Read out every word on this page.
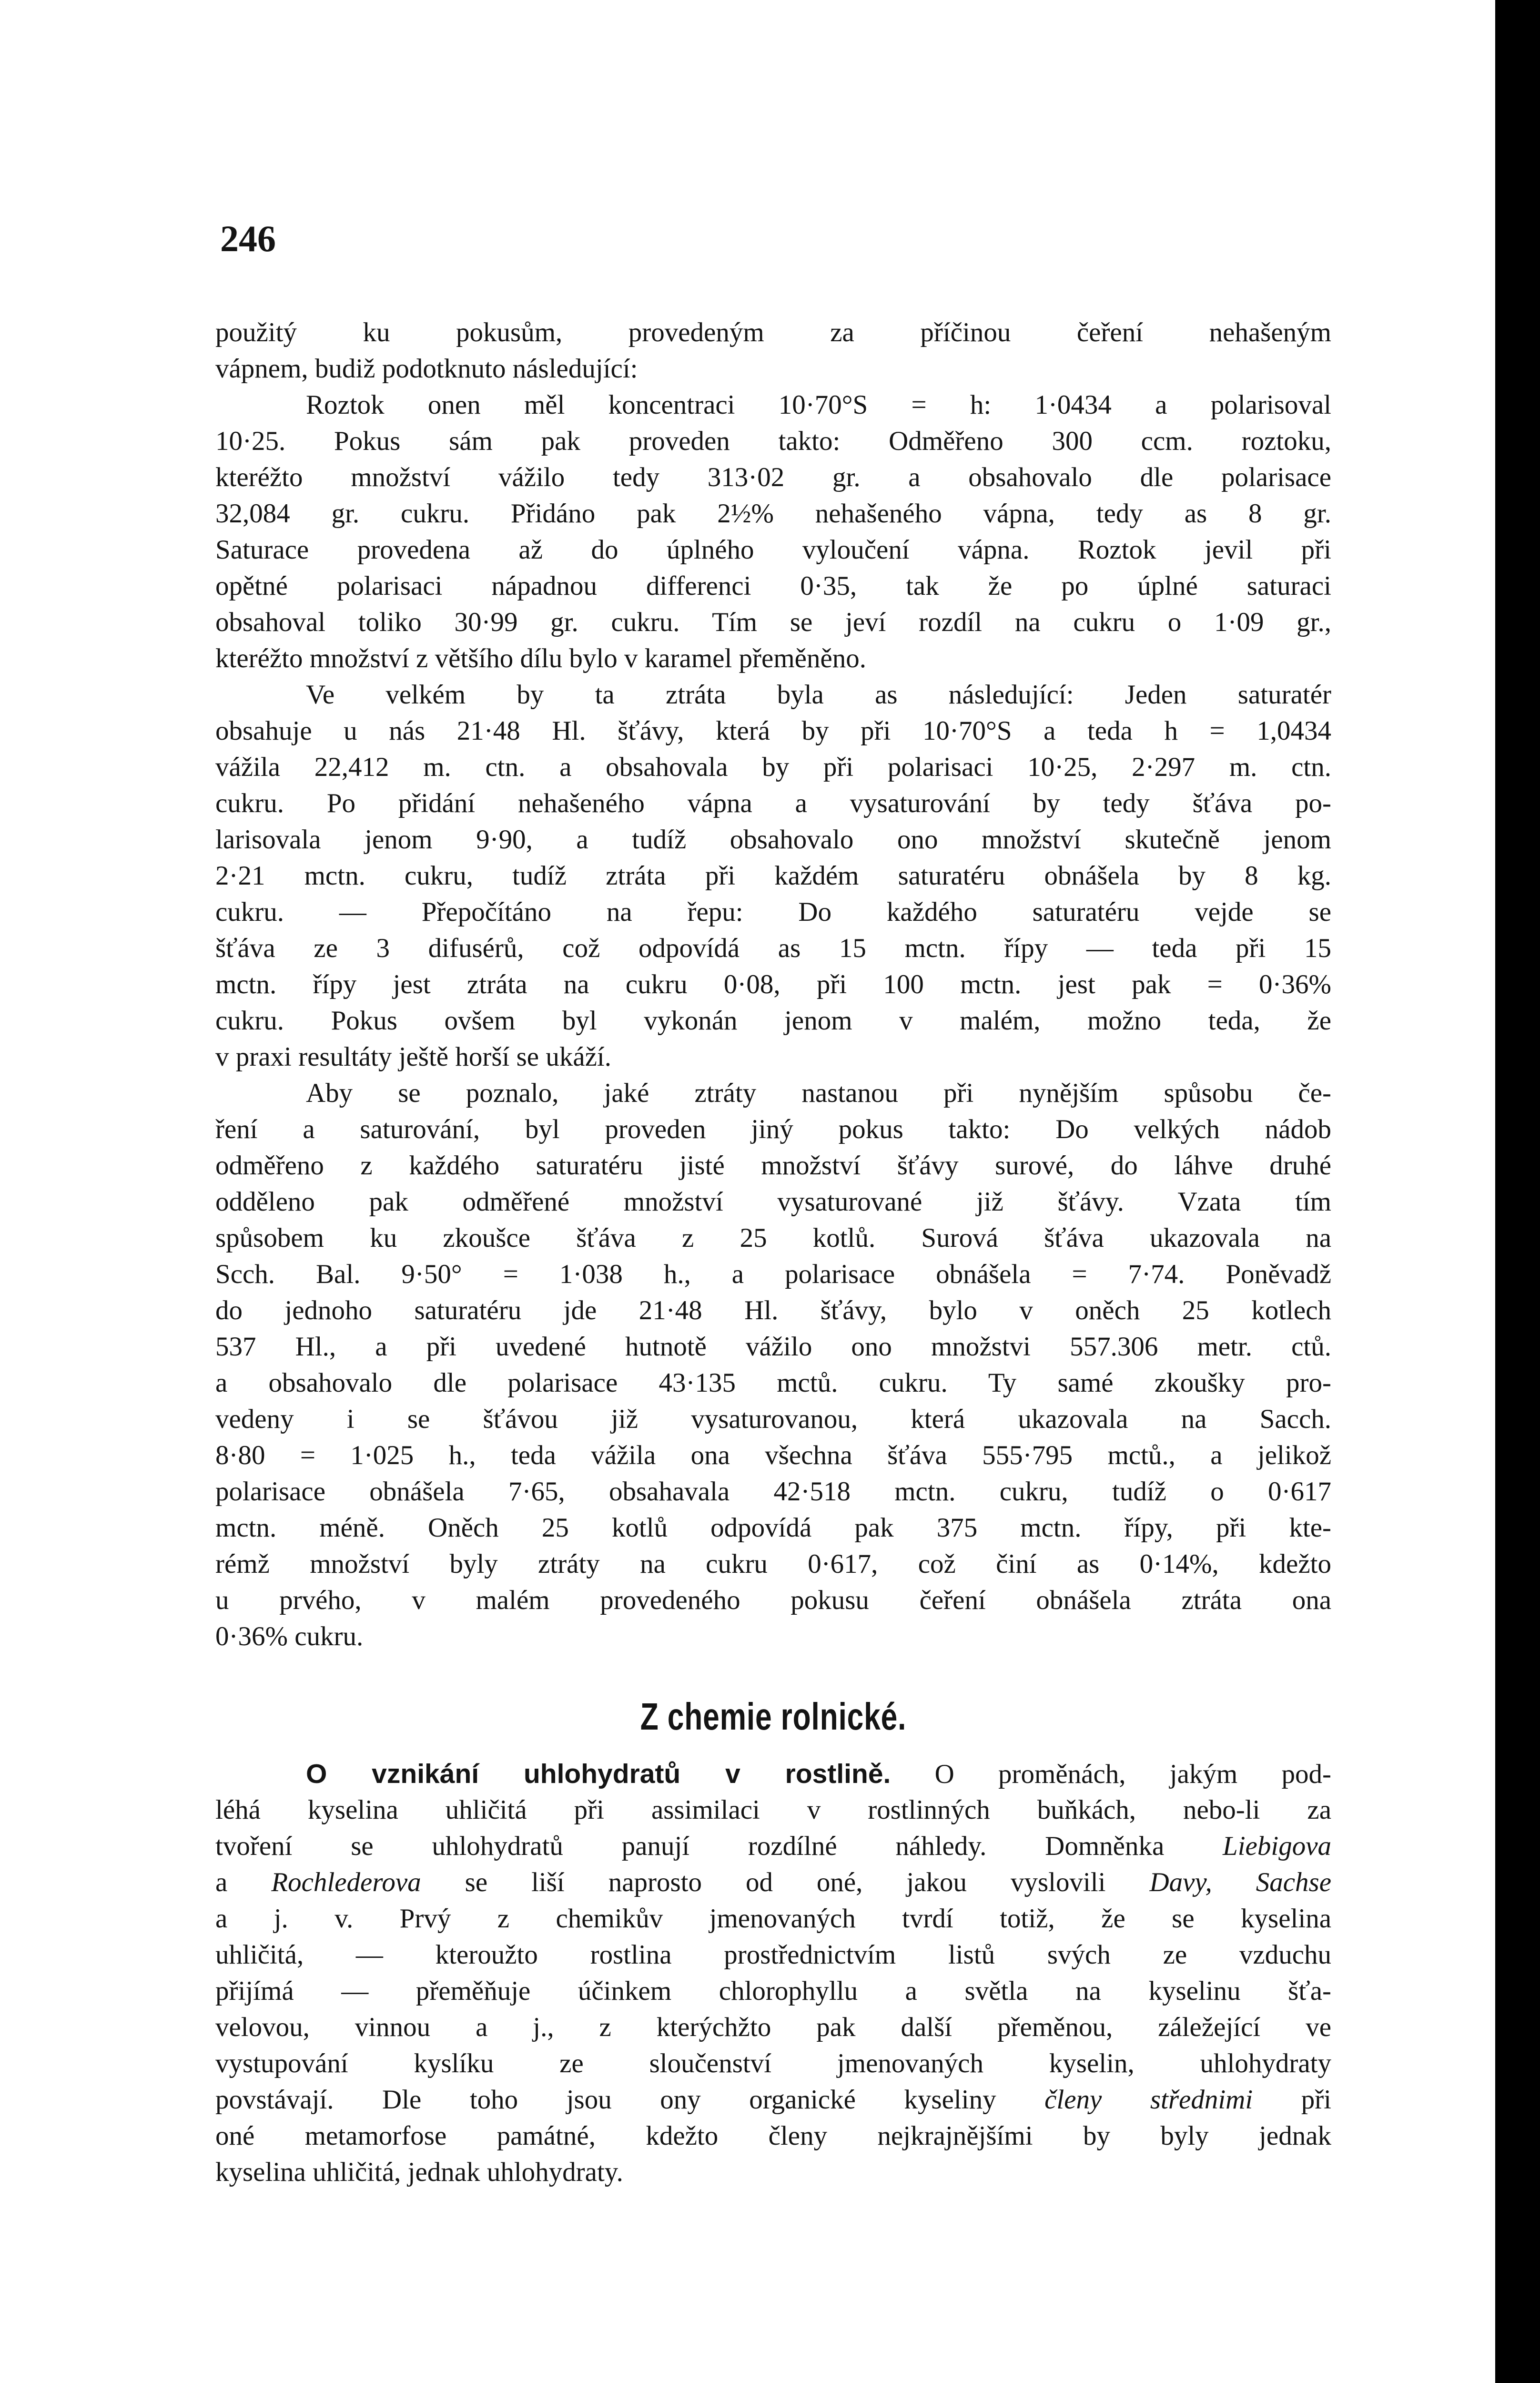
246
použitý ku pokusům, provedeným za příčinou čeření nehašeným
vápnem, budiž podotknuto následující:
Roztok onen měl koncentraci 10·70°S = h: 1·0434 a polarisoval
10·25. Pokus sám pak proveden takto: Odměřeno 300 ccm. roztoku,
kteréžto množství vážilo tedy 313·02 gr. a obsahovalo dle polarisace
32,084 gr. cukru. Přidáno pak 2½% nehašeného vápna, tedy as 8 gr.
Saturace provedena až do úplného vyloučení vápna. Roztok jevil při
opětné polarisaci nápadnou differenci 0·35, tak že po úplné saturaci
obsahoval toliko 30·99 gr. cukru. Tím se jeví rozdíl na cukru o 1·09 gr.,
kteréžto množství z většího dílu bylo v karamel přeměněno.
Ve velkém by ta ztráta byla as následující: Jeden saturatér
obsahuje u nás 21·48 Hl. šťávy, která by při 10·70°S a teda h = 1,0434
vážila 22,412 m. ctn. a obsahovala by při polarisaci 10·25, 2·297 m. ctn.
cukru. Po přidání nehašeného vápna a vysaturování by tedy šťáva po-
larisovala jenom 9·90, a tudíž obsahovalo ono množství skutečně jenom
2·21 mctn. cukru, tudíž ztráta při každém saturatéru obnášela by 8 kg.
cukru. — Přepočítáno na řepu: Do každého saturatéru vejde se
šťáva ze 3 difusérů, což odpovídá as 15 mctn. řípy — teda při 15
mctn. řípy jest ztráta na cukru 0·08, při 100 mctn. jest pak = 0·36%
cukru. Pokus ovšem byl vykonán jenom v malém, možno teda, že
v praxi resultáty ještě horší se ukáží.
Aby se poznalo, jaké ztráty nastanou při nynějším spůsobu če-
ření a saturování, byl proveden jiný pokus takto: Do velkých nádob
odměřeno z každého saturatéru jisté množství šťávy surové, do láhve druhé
odděleno pak odměřené množství vysaturované již šťávy. Vzata tím
spůsobem ku zkoušce šťáva z 25 kotlů. Surová šťáva ukazovala na
Scch. Bal. 9·50° = 1·038 h., a polarisace obnášela = 7·74. Poněvadž
do jednoho saturatéru jde 21·48 Hl. šťávy, bylo v oněch 25 kotlech
537 Hl., a při uvedené hutnotě vážilo ono množstvi 557.306 metr. ctů.
a obsahovalo dle polarisace 43·135 mctů. cukru. Ty samé zkoušky pro-
vedeny i se šťávou již vysaturovanou, která ukazovala na Sacch.
8·80 = 1·025 h., teda vážila ona všechna šťáva 555·795 mctů., a jelikož
polarisace obnášela 7·65, obsahavala 42·518 mctn. cukru, tudíž o 0·617
mctn. méně. Oněch 25 kotlů odpovídá pak 375 mctn. řípy, při kte-
rémž množství byly ztráty na cukru 0·617, což činí as 0·14%, kdežto
u prvého, v malém provedeného pokusu čeření obnášela ztráta ona
0·36% cukru.
Z chemie rolnické.
O vznikání uhlohydratů v rostlině. O proměnách, jakým pod-
léhá kyselina uhličitá při assimilaci v rostlinných buňkách, nebo-li za
tvoření se uhlohydratů panují rozdílné náhledy. Domněnka Liebigova
a Rochlederova se liší naprosto od oné, jakou vyslovili Davy, Sachse
a j. v. Prvý z chemikův jmenovaných tvrdí totiž, že se kyselina
uhličitá, — kteroužto rostlina prostřednictvím listů svých ze vzduchu
přijímá — přeměňuje účinkem chlorophyllu a světla na kyselinu šťa-
velovou, vinnou a j., z kterýchžto pak další přeměnou, záležející ve
vystupování kyslíku ze sloučenství jmenovaných kyselin, uhlohydraty
povstávají. Dle toho jsou ony organické kyseliny členy střednimi při
oné metamorfose památné, kdežto členy nejkrajnějšími by byly jednak
kyselina uhličitá, jednak uhlohydraty.
